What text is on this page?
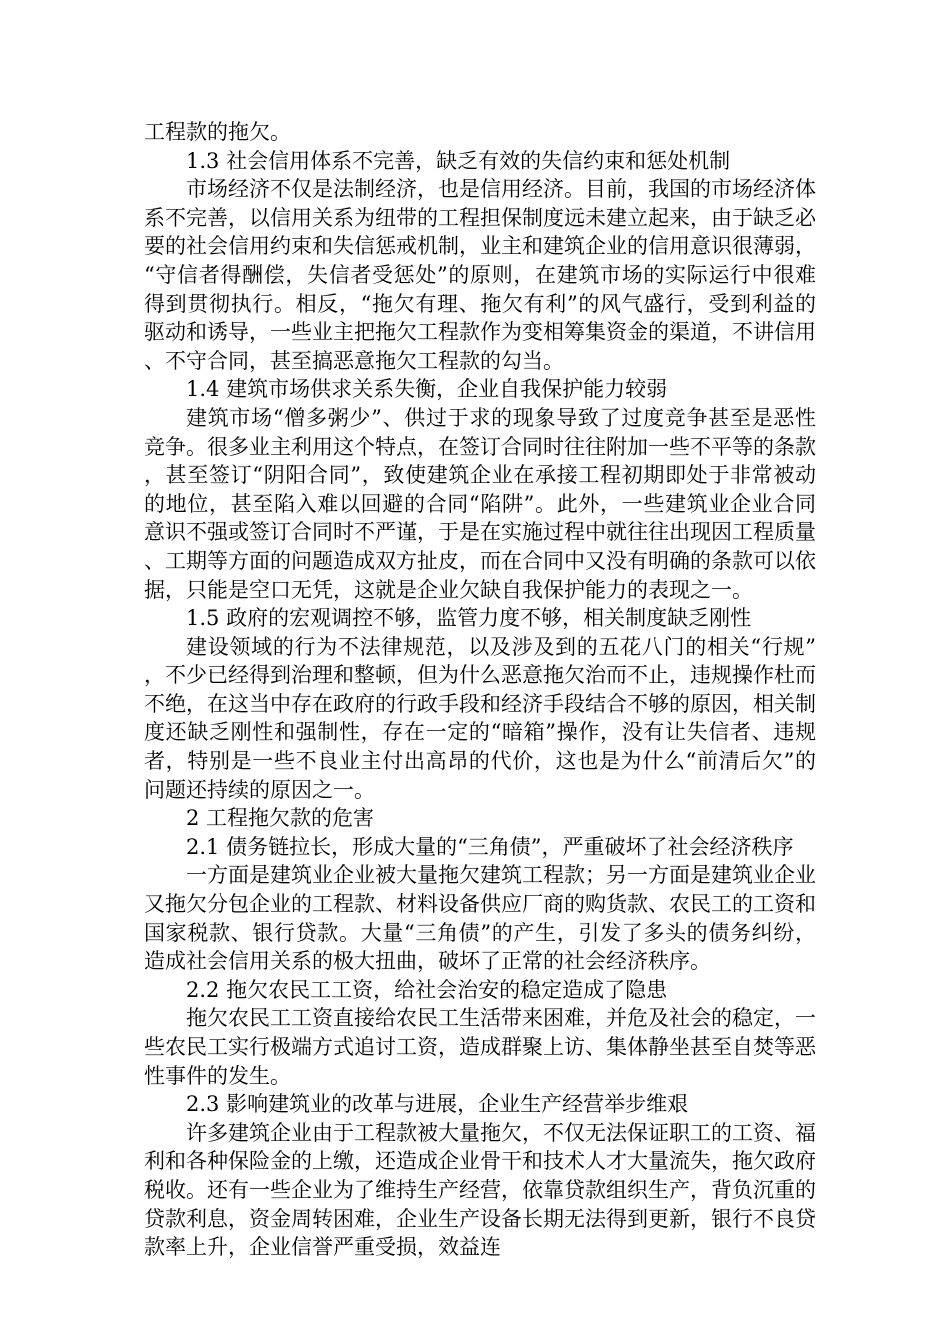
工程款的拖欠。

1.3 社会信用体系不完善，缺乏有效的失信约束和惩处机制

市场经济不仅是法制经济，也是信用经济。目前，我国的市场经济体系不完善，以信用关系为纽带的工程担保制度远未建立起来，由于缺乏必要的社会信用约束和失信惩戒机制，业主和建筑企业的信用意识很薄弱，“守信者得酬偿，失信者受惩处”的原则，在建筑市场的实际运行中很难得到贯彻执行。相反，“拖欠有理、拖欠有利”的风气盛行，受到利益的驱动和诱导，一些业主把拖欠工程款作为变相筹集资金的渠道，不讲信用、不守合同，甚至搞恶意拖欠工程款的勾当。

1.4 建筑市场供求关系失衡，企业自我保护能力较弱

建筑市场“僧多粥少”、供过于求的现象导致了过度竞争甚至是恶性竞争。很多业主利用这个特点，在签订合同时往往附加一些不平等的条款，甚至签订“阴阳合同”，致使建筑企业在承接工程初期即处于非常被动的地位，甚至陷入难以回避的合同“陷阱”。此外，一些建筑业企业合同意识不强或签订合同时不严谨，于是在实施过程中就往往出现因工程质量、工期等方面的问题造成双方扯皮，而在合同中又没有明确的条款可以依据，只能是空口无凭，这就是企业欠缺自我保护能力的表现之一。

1.5 政府的宏观调控不够，监管力度不够，相关制度缺乏刚性

建设领域的行为不法律规范，以及涉及到的五花八门的相关“行规”，不少已经得到治理和整顿，但为什么恶意拖欠治而不止，违规操作杜而不绝，在这当中存在政府的行政手段和经济手段结合不够的原因，相关制度还缺乏刚性和强制性，存在一定的“暗箱”操作，没有让失信者、违规者，特别是一些不良业主付出高昂的代价，这也是为什么“前清后欠”的问题还持续的原因之一。

2 工程拖欠款的危害

2.1 债务链拉长，形成大量的“三角债”，严重破坏了社会经济秩序

一方面是建筑业企业被大量拖欠建筑工程款；另一方面是建筑业企业又拖欠分包企业的工程款、材料设备供应厂商的购货款、农民工的工资和国家税款、银行贷款。大量“三角债”的产生，引发了多头的债务纠纷，造成社会信用关系的极大扭曲，破坏了正常的社会经济秩序。

2.2 拖欠农民工工资，给社会治安的稳定造成了隐患

拖欠农民工工资直接给农民工生活带来困难，并危及社会的稳定，一些农民工实行极端方式追讨工资，造成群聚上访、集体静坐甚至自焚等恶性事件的发生。

2.3 影响建筑业的改革与进展，企业生产经营举步维艰

许多建筑企业由于工程款被大量拖欠，不仅无法保证职工的工资、福利和各种保险金的上缴，还造成企业骨干和技术人才大量流失，拖欠政府税收。还有一些企业为了维持生产经营，依靠贷款组织生产，背负沉重的贷款利息，资金周转困难，企业生产设备长期无法得到更新，银行不良贷款率上升，企业信誉严重受损，效益连
